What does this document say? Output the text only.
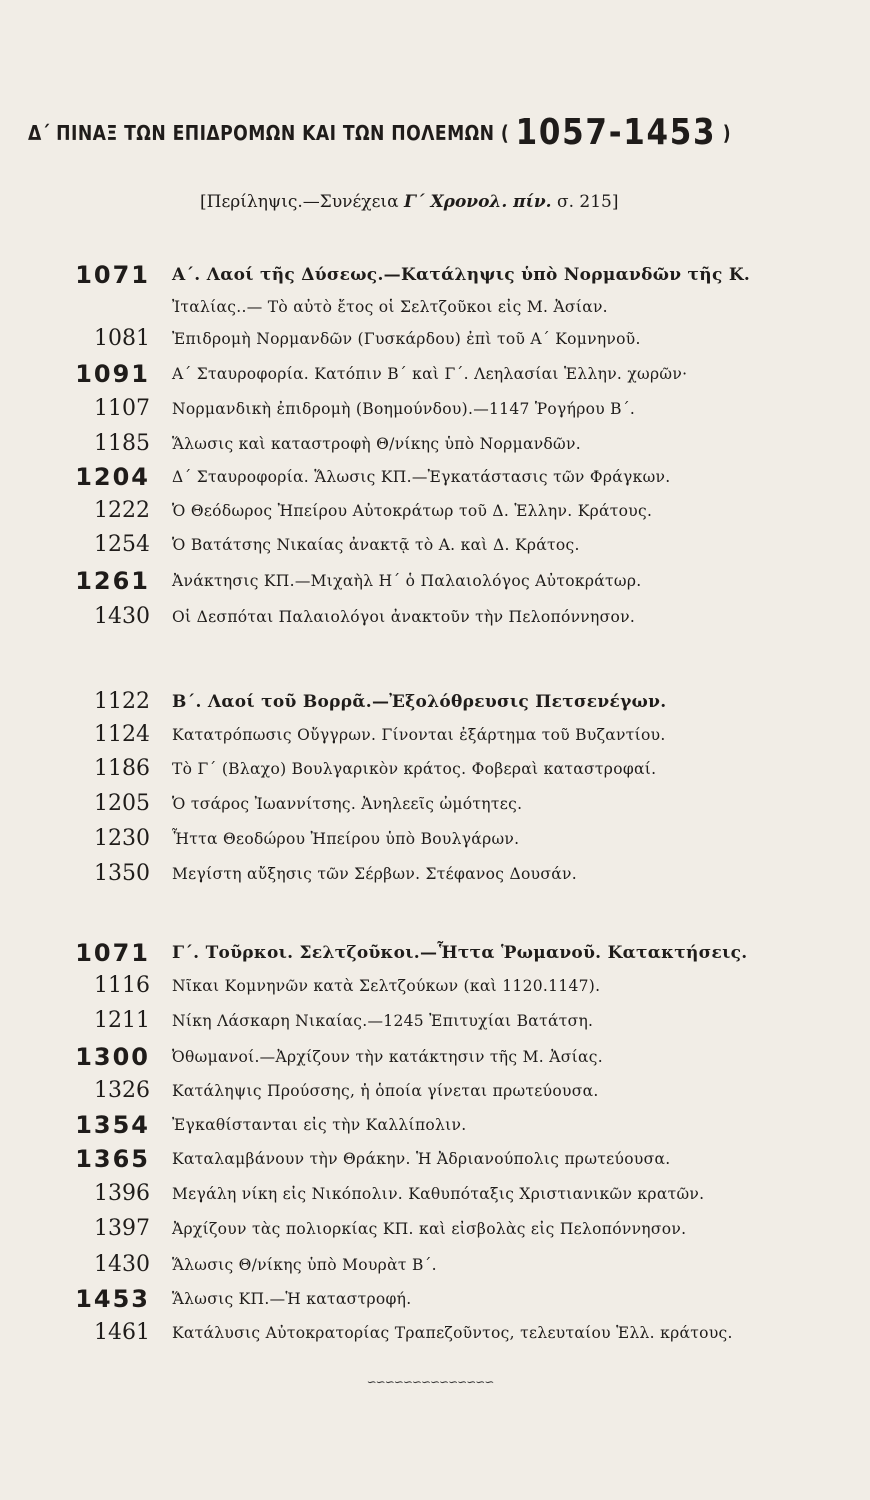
Δ΄ ΠΙΝΑΞ ΤΩΝ ΕΠΙΔΡΟΜΩΝ ΚΑΙ ΤΩΝ ΠΟΛΕΜΩΝ ( 1057-1453 )
[Περίληψις.—Συνέχεια Γ΄ Χρονολ. πίν. σ. 215]
1071 Α΄. Λαοί τῆς Δύσεως.—Κατάληψις ὑπὸ Νορμανδῶν τῆς Κ.
Ἰταλίας..— Τὸ αὐτὸ ἔτος οἱ Σελτζοῦκοι εἰς Μ. Ἀσίαν.
1081 Ἐπιδρομὴ Νορμανδῶν (Γυσκάρδου) ἐπὶ τοῦ Α΄ Κομνηνοῦ.
1091 Α΄ Σταυροφορία. Κατόπιν Β΄ καὶ Γ΄. Λεηλασίαι Ἑλλην. χωρῶν·
1107 Νορμανδικὴ ἐπιδρομὴ (Βοημούνδου).—1147 Ῥογήρου Β΄.
1185 Ἅλωσις καὶ καταστροφὴ Θ/νίκης ὑπὸ Νορμανδῶν.
1204 Δ΄ Σταυροφορία. Ἅλωσις ΚΠ.—Ἐγκατάστασις τῶν Φράγκων.
1222 Ὁ Θεόδωρος Ἠπείρου Αὐτοκράτωρ τοῦ Δ. Ἑλλην. Κράτους.
1254 Ὁ Βατάτσης Νικαίας ἀνακτᾷ τὸ Α. καὶ Δ. Κράτος.
1261 Ἀνάκτησις ΚΠ.—Μιχαὴλ Η΄ ὁ Παλαιολόγος Αὐτοκράτωρ.
1430 Οἱ Δεσπόται Παλαιολόγοι ἀνακτοῦν τὴν Πελοπόννησον.
1122 Β΄. Λαοί τοῦ Βορρᾶ.—Ἐξολόθρευσις Πετσενέγων.
1124 Κατατρόπωσις Οὔγγρων. Γίνονται ἐξάρτημα τοῦ Βυζαντίου.
1186 Τὸ Γ΄ (Βλαχο) Βουλγαρικὸν κράτος. Φοβεραὶ καταστροφαί.
1205 Ὁ τσάρος Ἰωαννίτσης. Ἀνηλεεῖς ὠμότητες.
1230 Ἧττα Θεοδώρου Ἠπείρου ὑπὸ Βουλγάρων.
1350 Μεγίστη αὔξησις τῶν Σέρβων. Στέφανος Δουσάν.
1071 Γ΄. Τοῦρκοι. Σελτζοῦκοι.—Ἧττα Ῥωμανοῦ. Κατακτήσεις.
1116 Νῖκαι Κομνηνῶν κατὰ Σελτζούκων (καὶ 1120.1147).
1211 Νίκη Λάσκαρη Νικαίας.—1245 Ἐπιτυχίαι Βατάτση.
1300 Ὀθωμανοί.—Ἀρχίζουν τὴν κατάκτησιν τῆς Μ. Ἀσίας.
1326 Κατάληψις Προύσσης, ἡ ὁποία γίνεται πρωτεύουσα.
1354 Ἐγκαθίστανται εἰς τὴν Καλλίπολιν.
1365 Καταλαμβάνουν τὴν Θράκην. Ἡ Ἀδριανούπολις πρωτεύουσα.
1396 Μεγάλη νίκη εἰς Νικόπολιν. Καθυπόταξις Χριστιανικῶν κρατῶν.
1397 Ἀρχίζουν τὰς πολιορκίας ΚΠ. καὶ εἰσβολὰς εἰς Πελοπόννησον.
1430 Ἅλωσις Θ/νίκης ὑπὸ Μουρὰτ Β΄.
1453 Ἅλωσις ΚΠ.—Ἡ καταστροφή.
1461 Κατάλυσις Αὐτοκρατορίας Τραπεζοῦντος, τελευταίου Ἑλλ. κράτους.
∽∽∽∽∽∽∽∽∽∽∽∽∽∽
